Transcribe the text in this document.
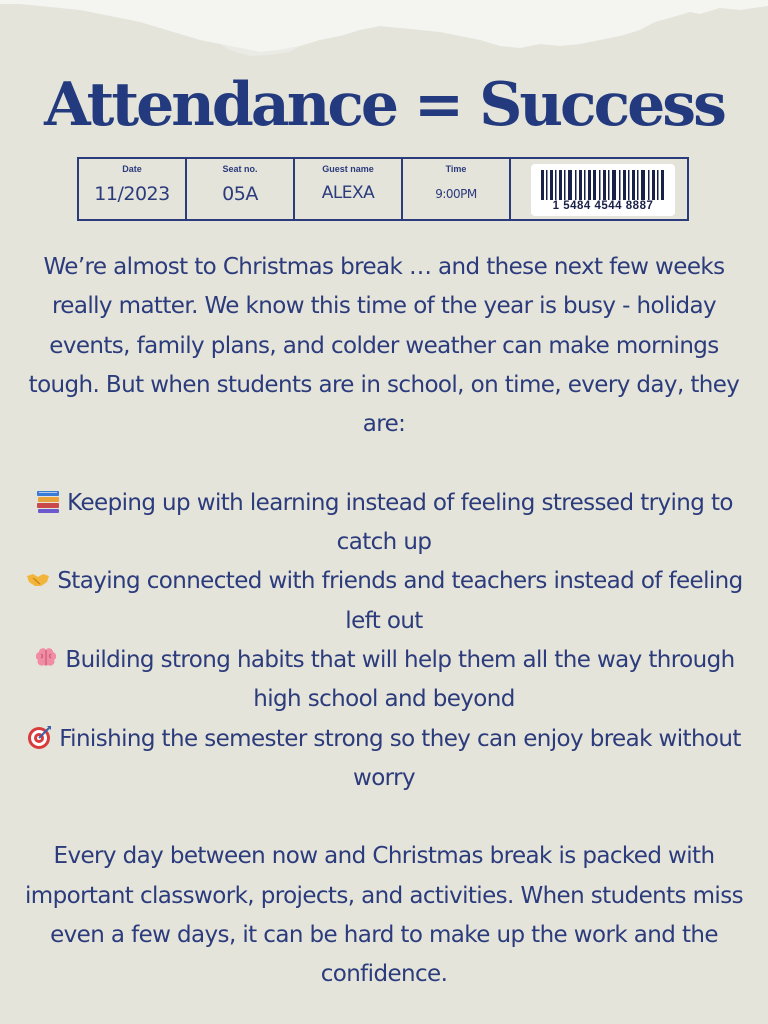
Attendance = Success
Date
11/2023
Seat no.
05A
Guest name
ALEXA
Time
9:00PM
1 5484 4544 8887

We’re almost to Christmas break … and these next few weeks really matter. We know this time of the year is busy - holiday events, family plans, and colder weather can make mornings tough. But when students are in school, on time, every day, they are:

Keeping up with learning instead of feeling stressed trying to catch up

Staying connected with friends and teachers instead of feeling left out

Building strong habits that will help them all the way through high school and beyond

Finishing the semester strong so they can enjoy break without worry

Every day between now and Christmas break is packed with important classwork, projects, and activities. When students miss even a few days, it can be hard to make up the work and the confidence.
